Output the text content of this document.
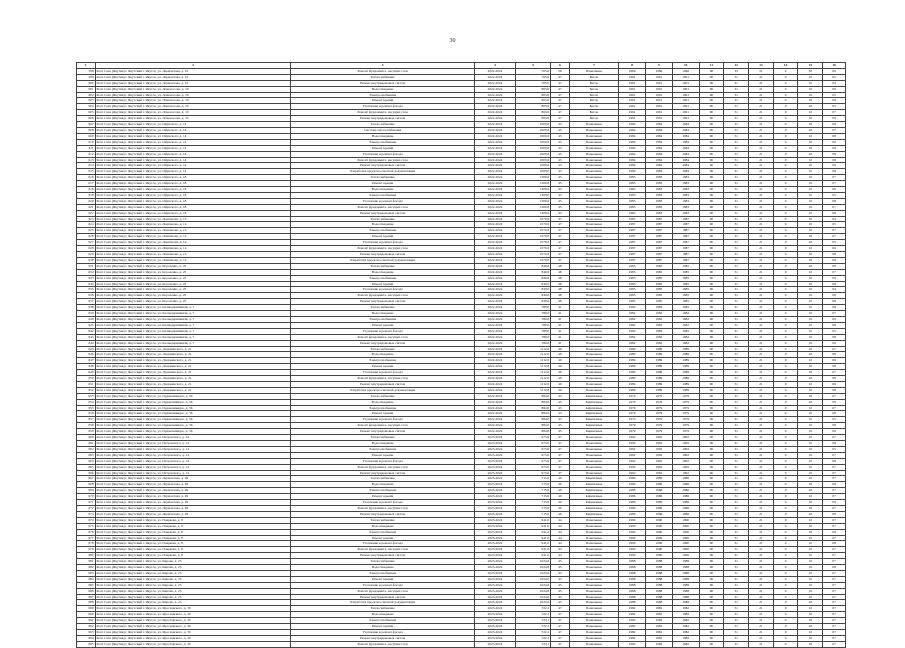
30
1	2	3	4	5	6	7	8	9	10	11	12	13	14	15	16
598	Респ Саха (Якутия) г. Якутский г. Якутск, ул. Лермонтова, д. 10	Ремонт фундамента, несущих стен	2022-2024	765,0	59	Панельные	1966	1966	1966	90	33	21	0	30	09
599	Респ Саха (Якутия) г. Якутский г. Якутск, ул. Лермонтова, д. 10	Теплоснабжение	2022-2024	765,0	47	Бетон	1991	1991	1991	90	31	21	0	10	05
600	Респ Саха (Якутия) г. Якутский г. Якутск, ул. Лермонтова, д. 10	Ремонт внутридомовых систем	2022-2024	765,0	47	Бетон	1991	1991	1991	90	31	21	0	10	04
601	Респ Саха (Якутия) г. Якутский г. Якутск, ул. Ломоносова, д. 10	Водоотведение	2022-2024	863,0	47	Бетон	1991	1991	1991	90	31	21	0	10	09
602	Респ Саха (Якутия) г. Якутский г. Якутск, ул. Ломоносова, д. 10	Электроснабжение	2022-2024	863,0	47	Бетон	1991	1991	1991	90	31	21	0	10	05
603	Респ Саха (Якутия) г. Якутский г. Якутск, ул. Ломоносова, д. 10	Ремонт крыши	2022-2024	863,0	47	Бетон	1991	1991	1991	90	31	21	0	10	09
604	Респ Саха (Якутия) г. Якутский г. Якутск, ул. Ломоносова, д. 10	Утепление и ремонт фасада	2022-2024	863,0	47	Бетон	1991	1991	1991	90	31	21	0	10	05
605	Респ Саха (Якутия) г. Якутский г. Якутск, ул. Ломоносова, д. 10	Ремонт фундамента, несущих стен	2022-2024	863,0	47	Бетон	1991	1991	1991	90	31	21	0	10	07
606	Респ Саха (Якутия) г. Якутский г. Якутск, ул. Ломоносова, д. 10	Ремонт внутридомовых систем	2022-2024	863,0	47	Бетон	1991	1991	1991	90	31	21	0	10	09
607	Респ Саха (Якутия) г. Якутский г. Якутск, ул. Ойунского, д. 14	Теплоснабжение	2022-2024	1000,0	45	Панельные	1984	1984	1984	90	31	21	0	10	08
608	Респ Саха (Якутия) г. Якутский г. Якутск, ул. Ойунского, д. 14	Система теплоснабжения	2022-2024	1000,0	45	Панельные	1984	1984	1984	90	31	21	0	10	07
609	Респ Саха (Якутия) г. Якутский г. Якутск, ул. Ойунского, д. 14	Водоотведение	2022-2024	1000,0	45	Панельные	1984	1984	1984	90	31	21	0	10	08
610	Респ Саха (Якутия) г. Якутский г. Якутск, ул. Ойунского, д. 14	Электроснабжение	2022-2024	1000,0	45	Панельные	1984	1984	1984	90	31	21	0	10	09
611	Респ Саха (Якутия) г. Якутский г. Якутск, ул. Ойунского, д. 14	Ремонт крыши	2022-2024	1000,0	45	Панельные	1984	1984	1984	90	31	21	0	10	09
612	Респ Саха (Якутия) г. Якутский г. Якутск, ул. Ойунского, д. 14	Утепление и ремонт фасада	2022-2024	1000,0	45	Панельные	1984	1984	1984	90	31	21	0	10	08
613	Респ Саха (Якутия) г. Якутский г. Якутск, ул. Ойунского, д. 14	Ремонт фундамента, несущих стен	2022-2024	1000,0	45	Панельные	1984	1984	1984	90	31	21	0	10	08
614	Респ Саха (Якутия) г. Якутский г. Якутск, ул. Ойунского, д. 14	Ремонт внутридомовых систем	2022-2024	1000,0	45	Панельные	1984	1984	1984	90	31	21	0	10	09
615	Респ Саха (Якутия) г. Якутский г. Якутск, ул. Ойунского, д. 14	Разработка проектно-сметной документации	2022-2024	1000,0	45	Панельные	1984	1984	1984	90	31	21	0	10	08
616	Респ Саха (Якутия) г. Якутский г. Якутск, ул. Ойунского, д. 18	Теплоснабжение	2022-2024	1309,0	45	Панельные	1983	1983	1983	90	31	21	0	10	07
617	Респ Саха (Якутия) г. Якутский г. Якутск, ул. Ойунского, д. 18	Ремонт крыши	2022-2024	1309,0	45	Панельные	1983	1983	1983	90	31	21	0	10	07
618	Респ Саха (Якутия) г. Якутский г. Якутск, ул. Ойунского, д. 18	Водоотведение	2022-2024	1309,0	45	Панельные	1983	1983	1983	90	31	21	0	10	09
619	Респ Саха (Якутия) г. Якутский г. Якутск, ул. Ойунского, д. 18	Электроснабжение	2022-2024	1309,0	45	Панельные	1983	1983	1983	90	31	21	0	10	05
620	Респ Саха (Якутия) г. Якутский г. Якутск, ул. Ойунского, д. 18	Утепление и ремонт фасада	2022-2024	1309,0	45	Панельные	1983	1983	1983	90	31	21	0	10	08
621	Респ Саха (Якутия) г. Якутский г. Якутск, ул. Ойунского, д. 18	Ремонт фундамента, несущих стен	2022-2024	1309,0	45	Панельные	1983	1983	1983	90	31	21	0	10	07
622	Респ Саха (Якутия) г. Якутский г. Якутск, ул. Ойунского, д. 18	Ремонт внутридомовых систем	2022-2024	1309,0	45	Панельные	1983	1983	1983	90	31	21	0	10	08
623	Респ Саха (Якутия) г. Якутский г. Якутск, ул. Лонгинова, д. 14	Теплоснабжение	2022-2024	1070,0	47	Панельные	1987	1987	1987	90	31	21	0	10	04
624	Респ Саха (Якутия) г. Якутский г. Якутск, ул. Лонгинова, д. 14	Водоотведение	2022-2024	1070,0	47	Панельные	1987	1987	1987	90	31	21	0	10	05
625	Респ Саха (Якутия) г. Якутский г. Якутск, ул. Лонгинова, д. 14	Электроснабжение	2022-2024	1070,0	47	Панельные	1987	1987	1987	90	31	21	0	10	07
626	Респ Саха (Якутия) г. Якутский г. Якутск, ул. Лонгинова, д. 14	Ремонт крыши	2022-2024	1070,0	47	Панельные	1987	1987	1987	90	31	21	0	10	07
627	Респ Саха (Якутия) г. Якутский г. Якутск, ул. Лонгинова, д. 14	Утепление и ремонт фасада	2022-2024	1070,0	47	Панельные	1987	1987	1987	90	31	21	0	10	05
628	Респ Саха (Якутия) г. Якутский г. Якутск, ул. Лонгинова, д. 14	Ремонт фундамента, несущих стен	2022-2024	1070,0	47	Панельные	1987	1987	1987	90	31	21	0	10	09
629	Респ Саха (Якутия) г. Якутский г. Якутск, ул. Лонгинова, д. 14	Ремонт внутридомовых систем	2022-2024	1070,0	47	Панельные	1987	1987	1987	90	31	21	0	10	08
630	Респ Саха (Якутия) г. Якутский г. Якутск, ул. Лонгинова, д. 14	Разработка проектно-сметной документации	2022-2024	1070,0	47	Панельные	1987	1987	1987	90	31	21	0	10	08
631	Респ Саха (Якутия) г. Якутский г. Якутск, ул. Короленко, д. 25	Теплоснабжение	2022-2024	840,0	48	Панельные	1985	1985	1985	90	31	21	0	10	08
632	Респ Саха (Якутия) г. Якутский г. Якутск, ул. Короленко, д. 25	Водоотведение	2022-2024	840,0	48	Панельные	1985	1985	1985	90	31	21	0	10	07
633	Респ Саха (Якутия) г. Якутский г. Якутск, ул. Короленко, д. 25	Электроснабжение	2022-2024	840,0	48	Панельные	1985	1985	1985	90	31	21	0	10	09
634	Респ Саха (Якутия) г. Якутский г. Якутск, ул. Короленко, д. 25	Ремонт крыши	2022-2024	840,0	48	Панельные	1985	1985	1985	90	31	21	0	10	08
635	Респ Саха (Якутия) г. Якутский г. Якутск, ул. Короленко, д. 25	Утепление и ремонт фасада	2022-2024	840,0	48	Панельные	1985	1985	1985	90	31	21	0	10	04
636	Респ Саха (Якутия) г. Якутский г. Якутск, ул. Короленко, д. 25	Ремонт фундамента, несущих стен	2022-2024	840,0	48	Панельные	1985	1985	1985	90	31	21	0	10	08
637	Респ Саха (Якутия) г. Якутский г. Якутск, ул. Короленко, д. 25	Ремонт внутридомовых систем	2022-2024	840,0	48	Панельные	1985	1985	1985	90	31	21	0	10	08
638	Респ Саха (Якутия) г. Якутский г. Якутск, ул. Каландаришвили, д. 7	Теплоснабжение	2022-2024	780,0	41	Панельные	1982	1982	1982	90	31	21	0	10	08
639	Респ Саха (Якутия) г. Якутский г. Якутск, ул. Каландаришвили, д. 7	Водоотведение	2022-2024	780,0	41	Панельные	1982	1982	1982	90	31	21	0	10	07
640	Респ Саха (Якутия) г. Якутский г. Якутск, ул. Каландаришвили, д. 7	Электроснабжение	2022-2024	780,0	41	Панельные	1982	1982	1982	90	31	21	0	10	09
641	Респ Саха (Якутия) г. Якутский г. Якутск, ул. Каландаришвили, д. 7	Ремонт крыши	2022-2024	780,0	41	Панельные	1982	1982	1982	90	31	21	0	10	08
642	Респ Саха (Якутия) г. Якутский г. Якутск, ул. Каландаришвили, д. 7	Утепление и ремонт фасада	2022-2024	780,0	41	Панельные	1982	1982	1982	90	31	21	0	10	05
643	Респ Саха (Якутия) г. Якутский г. Якутск, ул. Каландаришвили, д. 7	Ремонт фундамента, несущих стен	2022-2024	780,0	41	Панельные	1982	1982	1982	90	31	21	0	10	08
644	Респ Саха (Якутия) г. Якутский г. Якутск, ул. Каландаришвили, д. 7	Ремонт внутридомовых систем	2022-2024	780,0	41	Панельные	1982	1982	1982	90	31	21	0	10	09
645	Респ Саха (Якутия) г. Якутский г. Якутск, ул. Дзержинского, д. 21	Теплоснабжение	2022-2024	1112,0	49	Панельные	1989	1989	1989	90	31	21	0	10	07
646	Респ Саха (Якутия) г. Якутский г. Якутск, ул. Дзержинского, д. 21	Водоотведение	2022-2024	1112,0	49	Панельные	1989	1989	1989	90	31	21	0	10	08
647	Респ Саха (Якутия) г. Якутский г. Якутск, ул. Дзержинского, д. 21	Электроснабжение	2022-2024	1112,0	49	Панельные	1989	1989	1989	90	31	21	0	10	09
648	Респ Саха (Якутия) г. Якутский г. Якутск, ул. Дзержинского, д. 21	Ремонт крыши	2022-2024	1112,0	49	Панельные	1989	1989	1989	90	31	21	0	10	08
649	Респ Саха (Якутия) г. Якутский г. Якутск, ул. Дзержинского, д. 21	Утепление и ремонт фасада	2022-2024	1112,0	49	Панельные	1989	1989	1989	90	31	21	0	10	07
650	Респ Саха (Якутия) г. Якутский г. Якутск, ул. Дзержинского, д. 21	Ремонт фундамента, несущих стен	2022-2024	1112,0	49	Панельные	1989	1989	1989	90	31	21	0	10	08
651	Респ Саха (Якутия) г. Якутский г. Якутск, ул. Дзержинского, д. 21	Ремонт внутридомовых систем	2022-2024	1112,0	49	Панельные	1989	1989	1989	90	31	21	0	10	09
652	Респ Саха (Якутия) г. Якутский г. Якутск, ул. Дзержинского, д. 21	Разработка проектно-сметной документации	2022-2024	1112,0	49	Панельные	1989	1989	1989	90	31	21	0	10	08
653	Респ Саха (Якутия) г. Якутский г. Якутск, ул. Орджоникидзе, д. 36	Теплоснабжение	2022-2024	884,0	45	Кирпичные	1979	1979	1979	90	31	21	0	10	07
654	Респ Саха (Якутия) г. Якутский г. Якутск, ул. Орджоникидзе, д. 36	Водоотведение	2022-2024	884,0	45	Кирпичные	1979	1979	1979	90	31	21	0	10	09
655	Респ Саха (Якутия) г. Якутский г. Якутск, ул. Орджоникидзе, д. 36	Электроснабжение	2022-2024	884,0	45	Кирпичные	1979	1979	1979	90	31	21	0	10	07
656	Респ Саха (Якутия) г. Якутский г. Якутск, ул. Орджоникидзе, д. 36	Ремонт крыши	2022-2024	884,0	45	Кирпичные	1979	1979	1979	90	31	21	0	10	08
657	Респ Саха (Якутия) г. Якутский г. Якутск, ул. Орджоникидзе, д. 36	Утепление и ремонт фасада	2022-2024	884,0	45	Кирпичные	1979	1979	1979	90	31	21	0	10	05
658	Респ Саха (Якутия) г. Якутский г. Якутск, ул. Орджоникидзе, д. 36	Ремонт фундамента, несущих стен	2022-2024	884,0	45	Кирпичные	1979	1979	1979	90	31	21	0	10	08
659	Респ Саха (Якутия) г. Якутский г. Якутск, ул. Орджоникидзе, д. 36	Ремонт внутридомовых систем	2022-2024	884,0	45	Кирпичные	1979	1979	1979	90	31	21	0	10	09
660	Респ Саха (Якутия) г. Якутский г. Якутск, ул. Петровского, д. 14	Теплоснабжение	2023-2024	973,0	47	Панельные	1992	1992	1992	90	31	21	0	10	07
661	Респ Саха (Якутия) г. Якутский г. Якутск, ул. Петровского, д. 14	Водоотведение	2023-2024	973,0	47	Панельные	1992	1992	1992	90	31	21	0	10	08
662	Респ Саха (Якутия) г. Якутский г. Якутск, ул. Петровского, д. 14	Электроснабжение	2023-2024	973,0	47	Панельные	1992	1992	1992	90	31	21	0	10	05
663	Респ Саха (Якутия) г. Якутский г. Якутск, ул. Петровского, д. 14	Ремонт крыши	2023-2024	973,0	47	Панельные	1992	1992	1992	90	31	21	0	10	07
664	Респ Саха (Якутия) г. Якутский г. Якутск, ул. Петровского, д. 14	Утепление и ремонт фасада	2023-2024	973,0	47	Панельные	1992	1992	1992	90	31	21	0	10	08
665	Респ Саха (Якутия) г. Якутский г. Якутск, ул. Петровского, д. 14	Ремонт фундамента, несущих стен	2023-2024	973,0	47	Панельные	1992	1992	1992	90	31	21	0	10	07
666	Респ Саха (Якутия) г. Якутский г. Якутск, ул. Петровского, д. 14	Ремонт внутридомовых систем	2023-2024	973,0	47	Панельные	1992	1992	1992	90	31	21	0	10	07
667	Респ Саха (Якутия) г. Якутский г. Якутск, ул. Лермонтова, д. 49	Теплоснабжение	2023-2024	715,0	40	Кирпичные	1986	1986	1986	90	31	21	0	10	07
668	Респ Саха (Якутия) г. Якутский г. Якутск, ул. Лермонтова, д. 49	Водоотведение	2023-2024	715,0	40	Кирпичные	1986	1986	1986	90	31	21	0	10	08
669	Респ Саха (Якутия) г. Якутский г. Якутск, ул. Лермонтова, д. 49	Электроснабжение	2023-2024	715,0	40	Кирпичные	1986	1986	1986	90	31	21	0	10	07
670	Респ Саха (Якутия) г. Якутский г. Якутск, ул. Лермонтова, д. 49	Ремонт крыши	2023-2024	715,0	40	Кирпичные	1986	1986	1986	90	31	21	0	10	07
671	Респ Саха (Якутия) г. Якутский г. Якутск, ул. Лермонтова, д. 49	Утепление и ремонт фасада	2023-2024	715,0	40	Кирпичные	1986	1986	1986	90	31	21	0	10	09
672	Респ Саха (Якутия) г. Якутский г. Якутск, ул. Лермонтова, д. 49	Ремонт фундамента, несущих стен	2023-2024	715,0	40	Кирпичные	1986	1986	1986	90	31	21	0	10	07
673	Респ Саха (Якутия) г. Якутский г. Якутск, ул. Лермонтова, д. 49	Ремонт внутридомовых систем	2023-2024	715,0	40	Кирпичные	1986	1986	1986	90	31	21	0	10	08
674	Респ Саха (Якутия) г. Якутский г. Якутск, ул. Пояркова, д. 8	Теплоснабжение	2023-2024	941,0	44	Панельные	1990	1990	1990	90	31	21	0	10	07
675	Респ Саха (Якутия) г. Якутский г. Якутск, ул. Пояркова, д. 8	Водоотведение	2023-2024	941,0	44	Панельные	1990	1990	1990	90	31	21	0	10	07
676	Респ Саха (Якутия) г. Якутский г. Якутск, ул. Пояркова, д. 8	Электроснабжение	2023-2024	941,0	44	Панельные	1990	1990	1990	90	31	21	0	10	09
677	Респ Саха (Якутия) г. Якутский г. Якутск, ул. Пояркова, д. 8	Ремонт крыши	2023-2024	941,0	44	Панельные	1990	1990	1990	90	31	21	0	10	07
678	Респ Саха (Якутия) г. Якутский г. Якутск, ул. Пояркова, д. 8	Утепление и ремонт фасада	2023-2024	941,0	44	Панельные	1990	1990	1990	90	31	21	0	10	08
679	Респ Саха (Якутия) г. Якутский г. Якутск, ул. Пояркова, д. 8	Ремонт фундамента, несущих стен	2023-2024	941,0	44	Панельные	1990	1990	1990	90	31	21	0	10	07
680	Респ Саха (Якутия) г. Якутский г. Якутск, ул. Пояркова, д. 8	Ремонт внутридомовых систем	2023-2024	941,0	44	Панельные	1990	1990	1990	90	31	21	0	10	07
681	Респ Саха (Якутия) г. Якутский г. Якутск, ул. Кирова, д. 23	Теплоснабжение	2023-2024	1024,0	45	Панельные	1988	1988	1988	90	31	21	0	10	07
682	Респ Саха (Якутия) г. Якутский г. Якутск, ул. Кирова, д. 23	Водоотведение	2023-2024	1024,0	45	Панельные	1988	1988	1988	90	31	21	0	10	08
683	Респ Саха (Якутия) г. Якутский г. Якутск, ул. Кирова, д. 23	Электроснабжение	2023-2024	1024,0	45	Панельные	1988	1988	1988	90	31	21	0	10	07
684	Респ Саха (Якутия) г. Якутский г. Якутск, ул. Кирова, д. 23	Ремонт крыши	2023-2024	1024,0	45	Панельные	1988	1988	1988	90	31	21	0	10	07
685	Респ Саха (Якутия) г. Якутский г. Якутск, ул. Кирова, д. 23	Утепление и ремонт фасада	2023-2024	1024,0	45	Панельные	1988	1988	1988	90	31	21	0	10	07
686	Респ Саха (Якутия) г. Якутский г. Якутск, ул. Кирова, д. 23	Ремонт фундамента, несущих стен	2023-2024	1024,0	45	Панельные	1988	1988	1988	90	31	21	0	10	07
687	Респ Саха (Якутия) г. Якутский г. Якутск, ул. Кирова, д. 23	Ремонт внутридомовых систем	2023-2024	1024,0	45	Панельные	1988	1988	1988	90	31	21	0	10	07
688	Респ Саха (Якутия) г. Якутский г. Якутск, ул. Кирова, д. 23	Разработка проектно-сметной документации	2023-2024	1024,0	45	Панельные	1988	1988	1988	90	31	21	0	10	07
689	Респ Саха (Якутия) г. Якутский г. Якутск, ул. Ярославского, д. 30	Теплоснабжение	2023-2024	722,1	47	Панельные	1982	1982	1982	90	31	21	0	10	07
690	Респ Саха (Якутия) г. Якутский г. Якутск, ул. Ярославского, д. 30	Водоотведение	2023-2024	722,1	47	Панельные	1982	1982	1982	90	31	21	0	10	07
691	Респ Саха (Якутия) г. Якутский г. Якутск, ул. Ярославского, д. 30	Электроснабжение	2023-2024	722,1	47	Панельные	1982	1982	1982	90	31	21	0	10	07
692	Респ Саха (Якутия) г. Якутский г. Якутск, ул. Ярославского, д. 30	Ремонт крыши	2023-2024	722,1	47	Панельные	1982	1982	1982	90	31	21	0	10	07
693	Респ Саха (Якутия) г. Якутский г. Якутск, ул. Ярославского, д. 30	Утепление и ремонт фасада	2023-2024	722,1	47	Панельные	1982	1982	1982	90	31	21	0	10	07
694	Респ Саха (Якутия) г. Якутский г. Якутск, ул. Ярославского, д. 30	Ремонт внутридомовых систем	2023-2024	722,1	47	Панельные	1982	1982	1982	90	31	21	0	10	07
695	Респ Саха (Якутия) г. Якутский г. Якутск, ул. Ярославского, д. 30	Ремонт фундамента, несущих стен	2023-2024	722,1	47	Панельные	1982	1982	1982	90	31	21	0	10	07
